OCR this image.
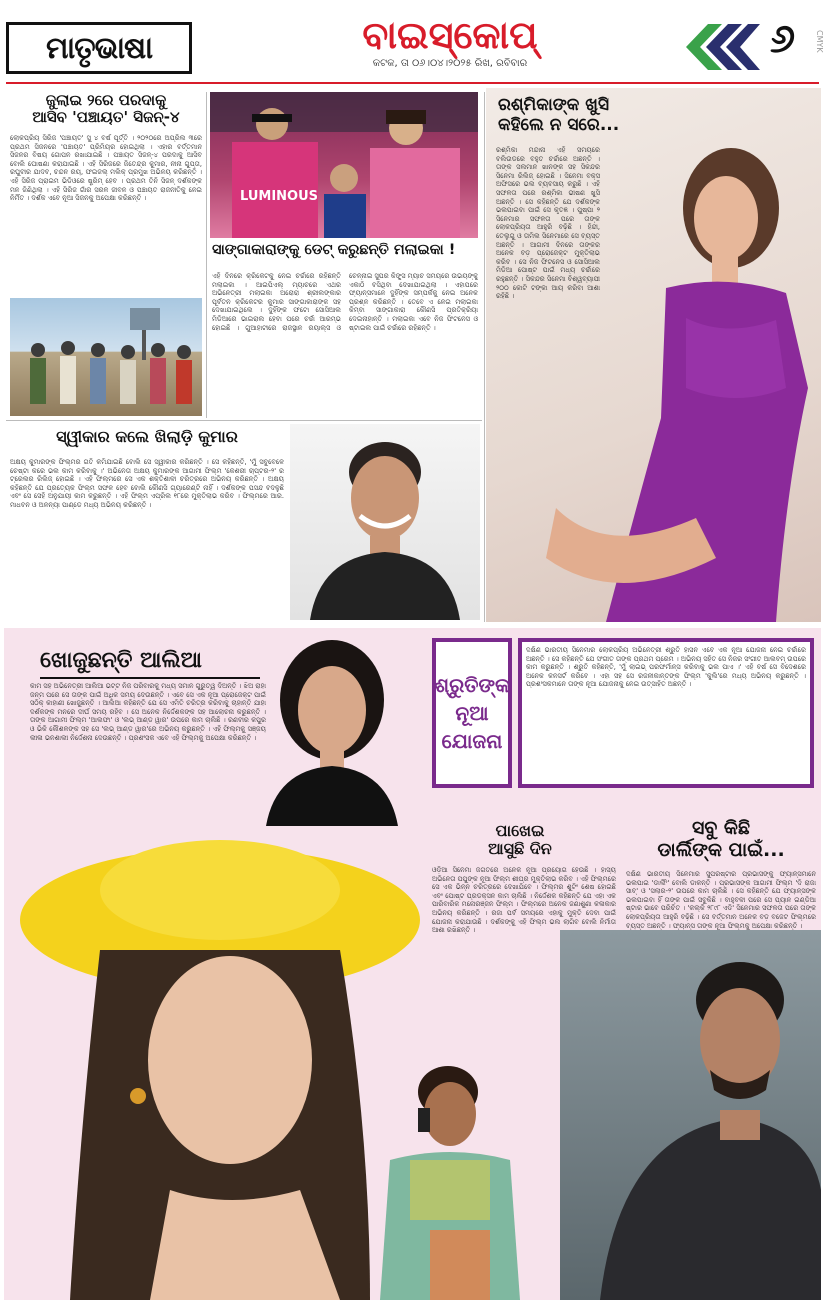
ମାତୃଭାଷା	ବାଇସ୍କୋପ୍
କଟକ, ତା ୦୬।୦୪।୨୦୨୫ ରିଖ, ରବିବାର
୬ CMYK
ଜୁଲାଇ ୨ରେ ପରଦାକୁ
ଆସିବ 'ପଞ୍ଚାୟତ' ସିଜନ୍-୪
ଲୋକପ୍ରିୟ ସିରିଜ 'ପଞ୍ଚାୟତ' ସୁ ୪ ବର୍ଷ ପୂର୍ତ୍ତି । ୨୦୨୦ରେ ଅପ୍ରିଲ ୩ରେ ପ୍ରଥମ ସିଜନରେ 'ପଞ୍ଚାୟତ' ପ୍ରିମିୟର ହୋଇଥିଲା । ଏହାର ବର୍ତ୍ତମାନ ସିଜନର ବିଷୟ ଗୋପନ ରଖାଯାଇଛି । ପଞ୍ଚାୟତ ସିଜନ୍-୪ ପରଦାକୁ ଆସିବ ବୋଲି ଘୋଷଣା କରାଯାଇଛି । ଏହି ସିରିଜରେ ଜିତେନ୍ଦ୍ର କୁମାର, ନୀନା ଗୁପ୍ତା, ରଘୁବୀର ଯାଦବ, ଚନ୍ଦନ ରୟ, ଫଇଜଲ୍ ମଲିକ୍ ପ୍ରମୁଖ ଅଭିନୟ କରିଛନ୍ତି । ଏହି ସିରିଜ ପ୍ରାଇମ ଭିଡିଓରେ ଷ୍ଟ୍ରିମ୍ ହେବ । ପ୍ରଥମ ତିନି ସିଜନ୍ ଦର୍ଶକଙ୍କ ମନ ଜିଣିଥିଲା । ଏହି ସିରିଜ ଗାଁର ସରଳ ଜୀବନ ଓ ପଞ୍ଚାୟତ ରାଜନୀତିକୁ ନେଇ ନିର୍ମିତ । ଦର୍ଶକ ଏବେ ନୂଆ ସିଜନକୁ ଅପେକ୍ଷା କରିଛନ୍ତି ।	LUMINOUS
ସାଙ୍ଗାକାରାଙ୍କୁ ଡେଟ୍ କରୁଛନ୍ତି ମଲାଇକା !
ଏହି ଦିନରେ କ୍ରିକେଟକୁ ନେଇ ଚର୍ଚ୍ଚାରେ ରହିଛନ୍ତି ମଲାଇକା । ଆଇପିଏଲ୍ ମ୍ୟାଚରେ ଏଥର ଅଭିନେତ୍ରୀ ମଲାଇକା ଅରୋରା ଶ୍ରୀଲଙ୍କାର ପୂର୍ବତନ କ୍ରିକେଟର କୁମାର ସାଙ୍ଗାକାରାଙ୍କ ସହ ଦେଖାଯାଇଥିଲେ । ଦୁହିଁଙ୍କ ଫଟୋ ସୋସିଆଲ ମିଡିଆରେ ଭାଇରାଲ ହେବା ପରେ ଚର୍ଚ୍ଚା ଆରମ୍ଭ ହୋଇଛି । ଗୁଆହାଟୀରେ ରାଜସ୍ଥାନ ରୟାଲ୍ସ ଓ ଚେନ୍ନାଇ ସୁପର କିଙ୍ଗ୍ସ ମ୍ୟାଚ ସମୟରେ ଉଭୟଙ୍କୁ ଏକାଠି ବସିଥିବା ଦେଖାଯାଇଥିଲା । ଏହାପରେ ଫ୍ୟାନ୍ସମାନେ ଦୁହିଁଙ୍କ ସମ୍ପର୍କକୁ ନେଇ ଅନେକ ପ୍ରଶ୍ନ କରିଛନ୍ତି । ତେବେ ଏ ନେଇ ମଲାଇକା କିମ୍ବା ସାଙ୍ଗାକାରା କୌଣସି ପ୍ରତିକ୍ରିୟା ଦେଇନାହାନ୍ତି । ମଲାଇକା ଏବେ ନିଜ ଫିଟନେସ ଓ ଷ୍ଟାଇଲ ପାଇଁ ଚର୍ଚ୍ଚାରେ ରହିଛନ୍ତି ।
ରଶ୍ମିକାଙ୍କ ଖୁସି
କହିଲେ ନ ସରେ...
ରଶ୍ମିକା ମନ୍ଦାନା ଏହି ସମୟରେ ବଲିଉଡରେ ବହୁତ ଚର୍ଚ୍ଚାରେ ଅଛନ୍ତି । ତାଙ୍କ ସଲମାନ ଖାନଙ୍କ ସହ ସିକନ୍ଦର ସିନେମା ରିଲିଜ୍ ହୋଇଛି । ସିନେମା ବକ୍ସ ଅଫିସରେ ଭଲ ବ୍ୟବସାୟ କରୁଛି । ଏହି ସଫଳତା ପରେ ରଶ୍ମିକା ଭୀଷଣ ଖୁସି ଅଛନ୍ତି । ସେ କହିଛନ୍ତି ଯେ ଦର୍ଶକଙ୍କ ଭଲପାଇବା ପାଇଁ ସେ କୃତଜ୍ଞ । ପୁଷ୍ପା ୨ ସିନେମାର ସଫଳତା ପରେ ତାଙ୍କ ଲୋକପ୍ରିୟତା ଆହୁରି ବଢ଼ିଛି । ହିନ୍ଦୀ, ତେଲୁଗୁ ଓ ତାମିଲ ସିନେମାରେ ସେ ବ୍ୟସ୍ତ ଅଛନ୍ତି । ଆଗାମୀ ଦିନରେ ତାଙ୍କର ଅନେକ ବଡ଼ ପ୍ରୋଜେକ୍ଟ ମୁକ୍ତିଲାଭ କରିବ । ସେ ନିଜ ଫିଟନେସ ଓ ସୋସିଆଲ ମିଡିଆ ପୋଷ୍ଟ ପାଇଁ ମଧ୍ୟ ଚର୍ଚ୍ଚାରେ ରହୁଛନ୍ତି । ସିକନ୍ଦର ସିନେମା ବିଶ୍ୱବ୍ୟାପୀ ୨୦୦ କୋଟି ଟଙ୍କା ଆୟ କରିବା ଆଶା ରହିଛି ।
ସ୍ୱୀକାର କଲେ ଖିଲାଡ଼ି କୁମାର
ଅକ୍ଷୟ କୁମାରଙ୍କ ଫିଲ୍ମର ଗତି କମିଯାଇଛି ବୋଲି ସେ ସ୍ୱୀକାର କରିଛନ୍ତି । ସେ କହିଛନ୍ତି, 'ମୁଁ ସବୁବେଳେ ଚେଷ୍ଟା କରେ ଭଲ କାମ କରିବାକୁ ।' ଅଭିନେତା ଅକ୍ଷୟ କୁମାରଙ୍କ ଆଗାମୀ ଫିଲ୍ମ 'କେଶରୀ ଚାପ୍ଟର-୨' ର ଟ୍ରେଲର ରିଲିଜ୍ ହୋଇଛି । ଏହି ଫିଲ୍ମରେ ସେ ଏକ ଶକ୍ତିଶାଳୀ ଚରିତ୍ରରେ ଅଭିନୟ କରିଛନ୍ତି । ଅକ୍ଷୟ କହିଛନ୍ତି ଯେ ପ୍ରତ୍ୟେକ ଫିଲ୍ମ ସଫଳ ହେବ ବୋଲି କୌଣସି ଗ୍ୟାରେଣ୍ଟି ନାହିଁ । ଦର୍ଶକଙ୍କ ପସନ୍ଦ ବଦଳୁଛି ଏବଂ ସେ ସେହି ଅନୁଯାୟୀ କାମ କରୁଛନ୍ତି । ଏହି ଫିଲ୍ମ ଏପ୍ରିଲ ୧୮ରେ ମୁକ୍ତିଲାଭ କରିବ । ଫିଲ୍ମରେ ଆର. ମାଧବନ ଓ ଅନନ୍ୟା ପାଣ୍ଡେ ମଧ୍ୟ ଅଭିନୟ କରିଛନ୍ତି ।
ଖୋଜୁଛନ୍ତି ଆଲିଆ
କାମ ସହ ଅଭିନେତ୍ରୀ ଆଲିଆ ଭଟ୍ଟ ନିଜ ପରିବାରକୁ ମଧ୍ୟ ସମାନ ଗୁରୁତ୍ୱ ଦିଅନ୍ତି । ଝିଅ ରାହା ଜନ୍ମ ପରେ ସେ ତାଙ୍କ ପାଇଁ ଅଧିକ ସମୟ ଦେଉଛନ୍ତି । ଏବେ ସେ ଏକ ନୂଆ ପ୍ରୋଜେକ୍ଟ ପାଇଁ ସଠିକ୍ କାହାଣୀ ଖୋଜୁଛନ୍ତି । ଆଲିଆ କହିଛନ୍ତି ଯେ ସେ ଏମିତି ଚରିତ୍ର କରିବାକୁ ଚାହାନ୍ତି ଯାହା ଦର୍ଶକଙ୍କ ମନରେ ଦୀର୍ଘ ସମୟ ରହିବ । ସେ ଅନେକ ନିର୍ଦ୍ଦେଶକଙ୍କ ସହ ଆଲୋଚନା କରୁଛନ୍ତି । ତାଙ୍କ ଆଗାମୀ ଫିଲ୍ମ 'ଆଲଫା' ଓ 'ଲଭ୍ ଆଣ୍ଡ ୱାର' ଉପରେ କାମ ଚାଲିଛି । ରଣବୀର କପୁର ଓ ଭିକି କୌଶଳଙ୍କ ସହ ସେ 'ଲଭ୍ ଆଣ୍ଡ ୱାର'ରେ ଅଭିନୟ କରୁଛନ୍ତି । ଏହି ଫିଲ୍ମକୁ ସଞ୍ଜୟ ଲୀଳା ଭନଶାଲୀ ନିର୍ଦ୍ଦେଶନା ଦେଉଛନ୍ତି । ପ୍ରଶଂସକ ଏବେ ଏହି ଫିଲ୍ମକୁ ଅପେକ୍ଷା କରିଛନ୍ତି ।
ଶ୍ରୁତିଙ୍କ
ନୂଆ
ଯୋଜନା
ଦକ୍ଷିଣ ଭାରତୀୟ ସିନେମାର ଲୋକପ୍ରିୟ ଅଭିନେତ୍ରୀ ଶ୍ରୁତି ହାସନ ଏବେ ଏକ ନୂଆ ଯୋଜନା ନେଇ ଚର୍ଚ୍ଚାରେ ଅଛନ୍ତି । ସେ କହିଛନ୍ତି ଯେ ସଂଗୀତ ତାଙ୍କ ପ୍ରଥମ ପ୍ରେମ । ଅଭିନୟ ସହିତ ସେ ନିଜର ସଂଗୀତ ଆଲବମ୍ ଉପରେ କାମ କରୁଛନ୍ତି । ଶ୍ରୁତି କହିଛନ୍ତି, 'ମୁଁ ଲାଇଭ୍ ପରଫର୍ମାନ୍ସ କରିବାକୁ ଭଲ ପାଏ ।' ଏହି ବର୍ଷ ସେ ବିଦେଶରେ ଅନେକ କନସର୍ଟ କରିବେ । ଏହା ସହ ସେ ରଜନୀକାନ୍ତଙ୍କ ଫିଲ୍ମ 'କୁଲି'ରେ ମଧ୍ୟ ଅଭିନୟ କରୁଛନ୍ତି । ପ୍ରଶଂସକମାନେ ତାଙ୍କ ନୂଆ ଯୋଜନାକୁ ନେଇ ଉତ୍ସାହିତ ଅଛନ୍ତି ।
ପାଖେଇ
ଆସୁଛି ଦିନ
ଓଡ଼ିଆ ସିନେମା ଜଗତରେ ଅନେକ ନୂଆ ପ୍ରୟୋଗ ହେଉଛି । ହାସ୍ୟ ଅଭିନେତା ପପୁଙ୍କ ନୂଆ ଫିଲ୍ମ ଶୀଘ୍ର ମୁକ୍ତିଲାଭ କରିବ । ଏହି ଫିଲ୍ମରେ ସେ ଏକ ଭିନ୍ନ ଚରିତ୍ରରେ ଦେଖାଯିବେ । ଫିଲ୍ମର ଶୁଟିଂ ଶେଷ ହୋଇଛି ଏବଂ ପୋଷ୍ଟ ପ୍ରଡକ୍ସନ କାମ ଚାଲିଛି । ନିର୍ଦ୍ଦେଶକ କହିଛନ୍ତି ଯେ ଏହା ଏକ ପାରିବାରିକ ମନୋରଞ୍ଜନ ଫିଲ୍ମ । ଫିଲ୍ମରେ ଅନେକ ଜଣାଶୁଣା କଳାକାର ଅଭିନୟ କରିଛନ୍ତି । ରଜା ପର୍ବ ସମୟରେ ଏହାକୁ ମୁକ୍ତି ଦେବା ପାଇଁ ଯୋଜନା କରାଯାଉଛି । ଦର୍ଶକଙ୍କୁ ଏହି ଫିଲ୍ମ ଭଲ ଲାଗିବ ବୋଲି ନିର୍ମାତା ଆଶା ରଖିଛନ୍ତି ।
ସବୁ କିଛି
ଡାର୍ଲିଙ୍କ ପାଇଁ...
ଦକ୍ଷିଣ ଭାରତୀୟ ସିନେମାର ସୁପରଷ୍ଟାର ପ୍ରଭାସଙ୍କୁ ଫ୍ୟାନ୍ସମାନେ ଭଲପାଇ 'ଡାର୍ଲିଂ' ବୋଲି ଡାକନ୍ତି । ପ୍ରଭାସଙ୍କ ଆଗାମୀ ଫିଲ୍ମ 'ଦି ରାଜା ସାବ୍' ଓ 'ସଲାର-୨' ଉପରେ କାମ ଚାଲିଛି । ସେ କହିଛନ୍ତି ଯେ ଫ୍ୟାନ୍ସଙ୍କ ଭଲପାଇବା ହିଁ ତାଙ୍କ ପାଇଁ ସବୁକିଛି । ବାହୁବଳୀ ପରେ ସେ ପ୍ୟାନ ଇଣ୍ଡିଆ ଷ୍ଟାର ଭାବେ ପରିଚିତ । 'କଲ୍କି ୨୮୯୮ ଏଡି' ସିନେମାର ସଫଳତା ପରେ ତାଙ୍କ ଲୋକପ୍ରିୟତା ଆହୁରି ବଢ଼ିଛି । ସେ ବର୍ତ୍ତମାନ ଅନେକ ବଡ଼ ବଜେଟ ଫିଲ୍ମରେ ବ୍ୟସ୍ତ ଅଛନ୍ତି । ଫ୍ୟାନ୍ସ ତାଙ୍କ ନୂଆ ଫିଲ୍ମକୁ ଅପେକ୍ଷା କରିଛନ୍ତି ।
